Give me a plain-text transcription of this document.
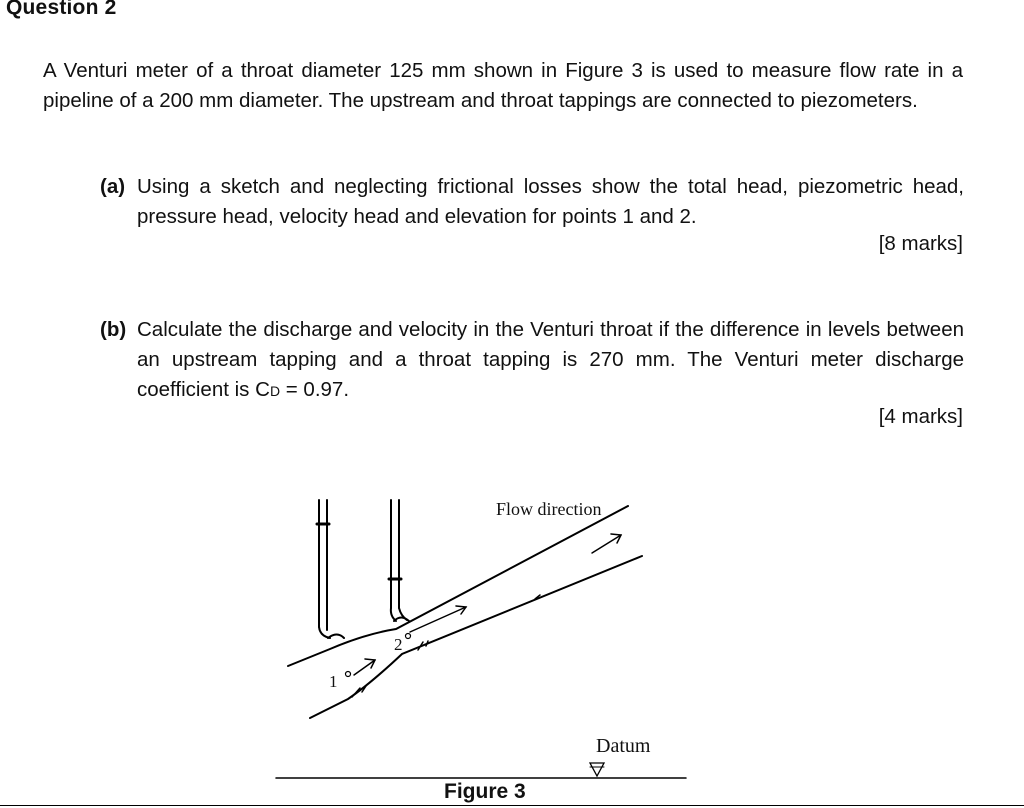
Question 2
A Venturi meter of a throat diameter 125 mm shown in Figure 3 is used to measure flow rate in a pipeline of a 200 mm diameter. The upstream and throat tappings are connected to piezometers.
(a) Using a sketch and neglecting frictional losses show the total head, piezometric head, pressure head, velocity head and elevation for points 1 and 2.
[8 marks]
(b) Calculate the discharge and velocity in the Venturi throat if the difference in levels between an upstream tapping and a throat tapping is 270 mm. The Venturi meter discharge coefficient is CD = 0.97.
[4 marks]
Flow direction
1
2
Datum
Figure 3
